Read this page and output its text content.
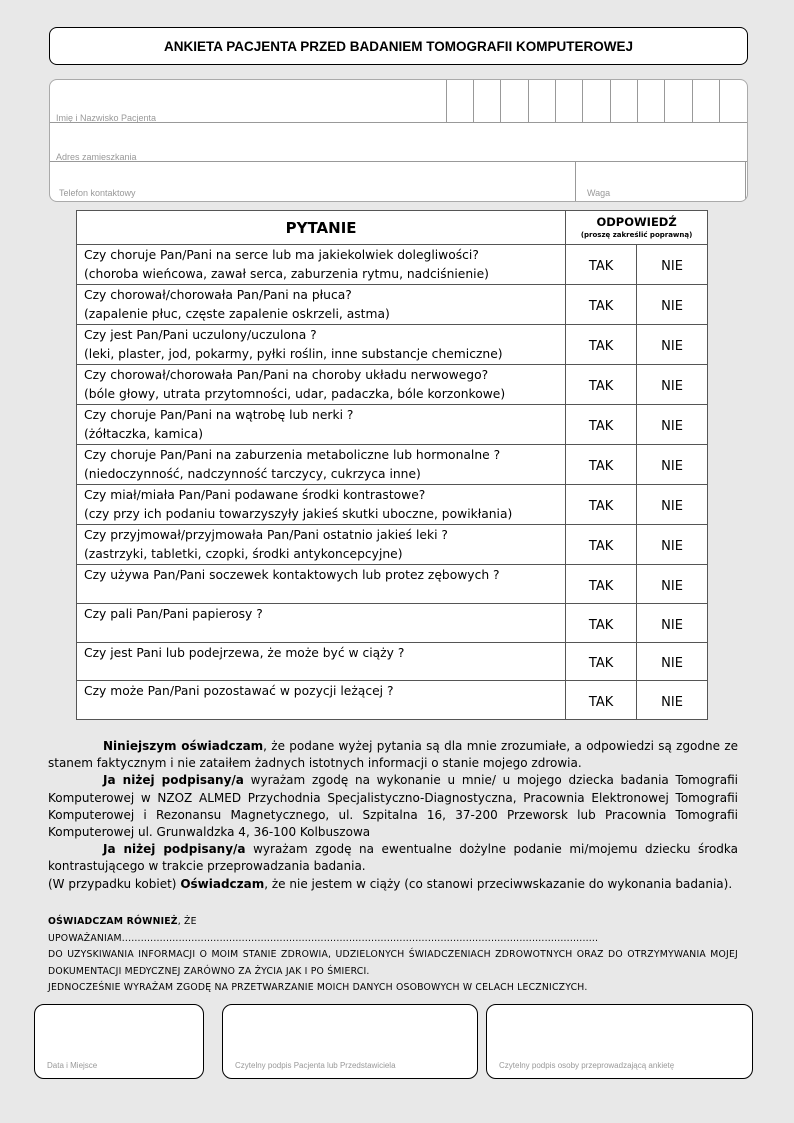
ANKIETA PACJENTA PRZED BADANIEM TOMOGRAFII KOMPUTEROWEJ
Imię i Nazwisko Pacjenta
Adres zamieszkania
Telefon kontaktowy	Waga
PYTANIE	ODPOWIEDŹ
(proszę zakreślić poprawną)	

Czy choruje Pan/Pani na serce lub ma jakiekolwiek dolegliwości?
(choroba wieńcowa, zawał serca, zaburzenia rytmu, nadciśnienie)	TAK	NIE

Czy chorował/chorowała Pan/Pani na płuca?
(zapalenie płuc, częste zapalenie oskrzeli, astma)	TAK	NIE

Czy jest Pan/Pani uczulony/uczulona ?
(leki, plaster, jod, pokarmy, pyłki roślin, inne substancje chemiczne)	TAK	NIE

Czy chorował/chorowała Pan/Pani na choroby układu nerwowego?
(bóle głowy, utrata przytomności, udar, padaczka, bóle korzonkowe)	TAK	NIE

Czy choruje Pan/Pani na wątrobę lub nerki ?
(żółtaczka, kamica)	TAK	NIE

Czy choruje Pan/Pani na zaburzenia metaboliczne lub hormonalne ?
(niedoczynność, nadczynność tarczycy, cukrzyca inne)	TAK	NIE

Czy miał/miała Pan/Pani podawane środki kontrastowe?
(czy przy ich podaniu towarzyszyły jakieś skutki uboczne, powikłania)	TAK	NIE

Czy przyjmował/przyjmowała Pan/Pani ostatnio jakieś leki ?
(zastrzyki, tabletki, czopki, środki antykoncepcyjne)	TAK	NIE

Czy używa Pan/Pani soczewek kontaktowych lub protez zębowych ?	TAK	NIE

Czy pali Pan/Pani papierosy ?	TAK	NIE

Czy jest Pani lub podejrzewa, że może być w ciąży ?	TAK	NIE

Czy może Pan/Pani pozostawać w pozycji leżącej ?	TAK	NIE

Niniejszym oświadczam, że podane wyżej pytania są dla mnie zrozumiałe, a odpowiedzi są zgodne ze stanem faktycznym i nie zataiłem żadnych istotnych informacji o stanie mojego zdrowia.

Ja niżej podpisany/a wyrażam zgodę na wykonanie u mnie/ u mojego dziecka badania Tomografii Komputerowej w NZOZ ALMED Przychodnia Specjalistyczno-Diagnostyczna, Pracownia Elektronowej Tomografii Komputerowej i Rezonansu Magnetycznego, ul. Szpitalna 16, 37-200 Przeworsk lub Pracownia Tomografii Komputerowej ul. Grunwaldzka 4, 36-100 Kolbuszowa

Ja niżej podpisany/a wyrażam zgodę na ewentualne dożylne podanie mi/mojemu dziecku środka kontrastującego w trakcie przeprowadzania badania.

(W przypadku kobiet) Oświadczam, że nie jestem w ciąży (co stanowi przeciwwskazanie do wykonania badania).

OŚWIADCZAM RÓWNIEŻ, ŻE UPOWAŻANIAM.......................................................................................................................................................

DO UZYSKIWANIA INFORMACJI O MOIM STANIE ZDROWIA, UDZIELONYCH ŚWIADCZENIACH ZDROWOTNYCH ORAZ DO OTRZYMYWANIA MOJEJ DOKUMENTACJI MEDYCZNEJ ZARÓWNO ZA ŻYCIA JAK I PO ŚMIERCI.

JEDNOCZEŚNIE WYRAŻAM ZGODĘ NA PRZETWARZANIE MOICH DANYCH OSOBOWYCH W CELACH LECZNICZYCH.

Data i Miejsce	Czytelny podpis Pacjenta lub Przedstawiciela	Czytelny podpis osoby przeprowadzającą ankietę
